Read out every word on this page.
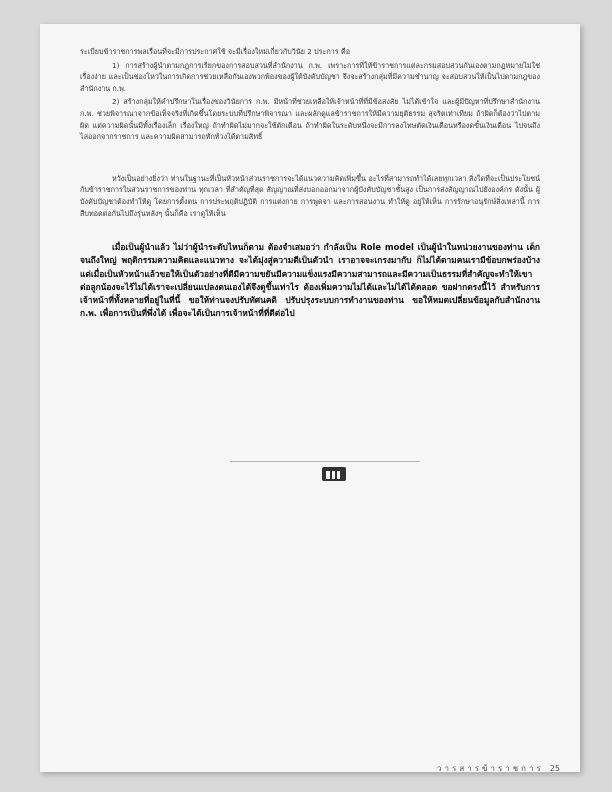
ระเบียบข้าราชการพลเรือนที่จะมีการประกาศใช้ จะมีเรื่องใหม่เกี่ยวกับวินัย 2 ประการ คือ

1) การสร้างผู้นำตามกฎการเรียกของการสอบสวนที่สำนักงาน ก.พ. เพราะการที่ให้ข้าราชการแต่ละกรมสอบสวนกันเองตามกฎหมายไม่ใช่เรื่องง่าย และเป็นช่องโหว่ในการเกิดการช่วยเหลือกันเองพวกพ้องของผู้ใต้บังคับบัญชา จึงจะสร้างกลุ่มที่มีความชำนาญ จะสอบสวนให้เป็นไปตามกฎของสำนักงาน ก.พ.

2) สร้างกลุ่มให้คำปรึกษาในเรื่องของวินัยการ ก.พ. มีหน้าที่ช่วยเหลือให้เจ้าหน้าที่ที่มีข้อสงสัย ไม่ได้เข้าใจ และผู้มีปัญหาที่ปรึกษาสำนักงาน ก.พ. ช่วยพิจารณาจากข้อเท็จจริงที่เกิดขึ้นโดยระบบที่ปรึกษาพิจารณา และผลักดูแลข้าราชการให้มีความยุติธรรม สุจริตเท่าเทียม ถ้าผิดก็ต้องว่าไปตามผิด แต่ความผิดนั้นมีทั้งเรื่องเล็ก เรื่องใหญ่ ถ้าทำผิดไม่มากจะใช้ตักเตือน ถ้าทำผิดในระดับหนึ่งจะมีการลงโทษตัดเงินเดือนหรืองดขั้นเงินเดือน ไปจนถึงไล่ออกจากราชการ และความผิดสามารถทักท้วงได้ตามสิทธิ์

หวังเป็นอย่างยิ่งว่า ท่านในฐานะที่เป็นหัวหน้าส่วนราชการจะได้แนวความคิดเพิ่มขึ้น อะไรที่สามารถทำได้เลยทุกเวลา สิ่งใดที่จะเป็นประโยชน์กับข้าราชการในส่วนราชการของท่าน ทุกเวลา ที่สำคัญที่สุด สัญญาณที่ส่งบอกออกมาจากผู้บังคับบัญชาชั้นสูง เป็นการส่งสัญญาณไปยังองค์กร ดังนั้น ผู้บังคับบัญชาต้องทำให้ดู โดยการตั้งตน การประพฤติปฏิบัติ การแต่งกาย การพูดจา และการสอนงาน ทำให้ดู อยู่ให้เห็น การรักษาอนุรักษ์สิ่งเหล่านี้ การสืบทอดต่อกันไปถึงรุ่นหลังๆ นั้นก็คือ เราดูให้เห็น

เมื่อเป็นผู้นำแล้ว ไม่ว่าผู้นำระดับไหนก็ตาม ต้องจำเสมอว่า กำลังเป็น Role model เป็นผู้นำในหน่วยงานของท่าน เด็กจนถึงใหญ่ พฤติกรรมความคิดและแนวทาง จะได้มุ่งสู่ความดีเป็นตัวนำ เราอาจจะเกรงมากับ ก็ไม่ได้ตามคนเรามีข้อบกพร่องบ้างแต่เมื่อเป็นหัวหน้าแล้วขอให้เป็นตัวอย่างที่ดีมีความขยันมีความแข็งแรงมีความสามารถและมีความเป็นธรรมที่สำคัญจะทำให้เขาต่อลูกน้องจะไร้ไม่ได้เราจะเปลี่ยนแปลงตนเองได้จึงดูขึ้นเท่าไร ต้องเพิ่มความไม่ได้และไม่ได้ได้ตลอด ขอฝากตรงนี้ไว้ สำหรับการเจ้าหน้าที่ทั้งหลายที่อยู่ในที่นี้ ขอให้ท่านจงปรับทัศนคติ ปรับปรุงระบบการทำงานของท่าน ขอให้หมดเปลี่ยนข้อมูลกับสำนักงาน ก.พ. เพื่อการเป็นที่พึ่งได้ เพื่อจะได้เป็นการเจ้าหน้าที่ที่ดีต่อไป

วารสารข้าราชการ 25
